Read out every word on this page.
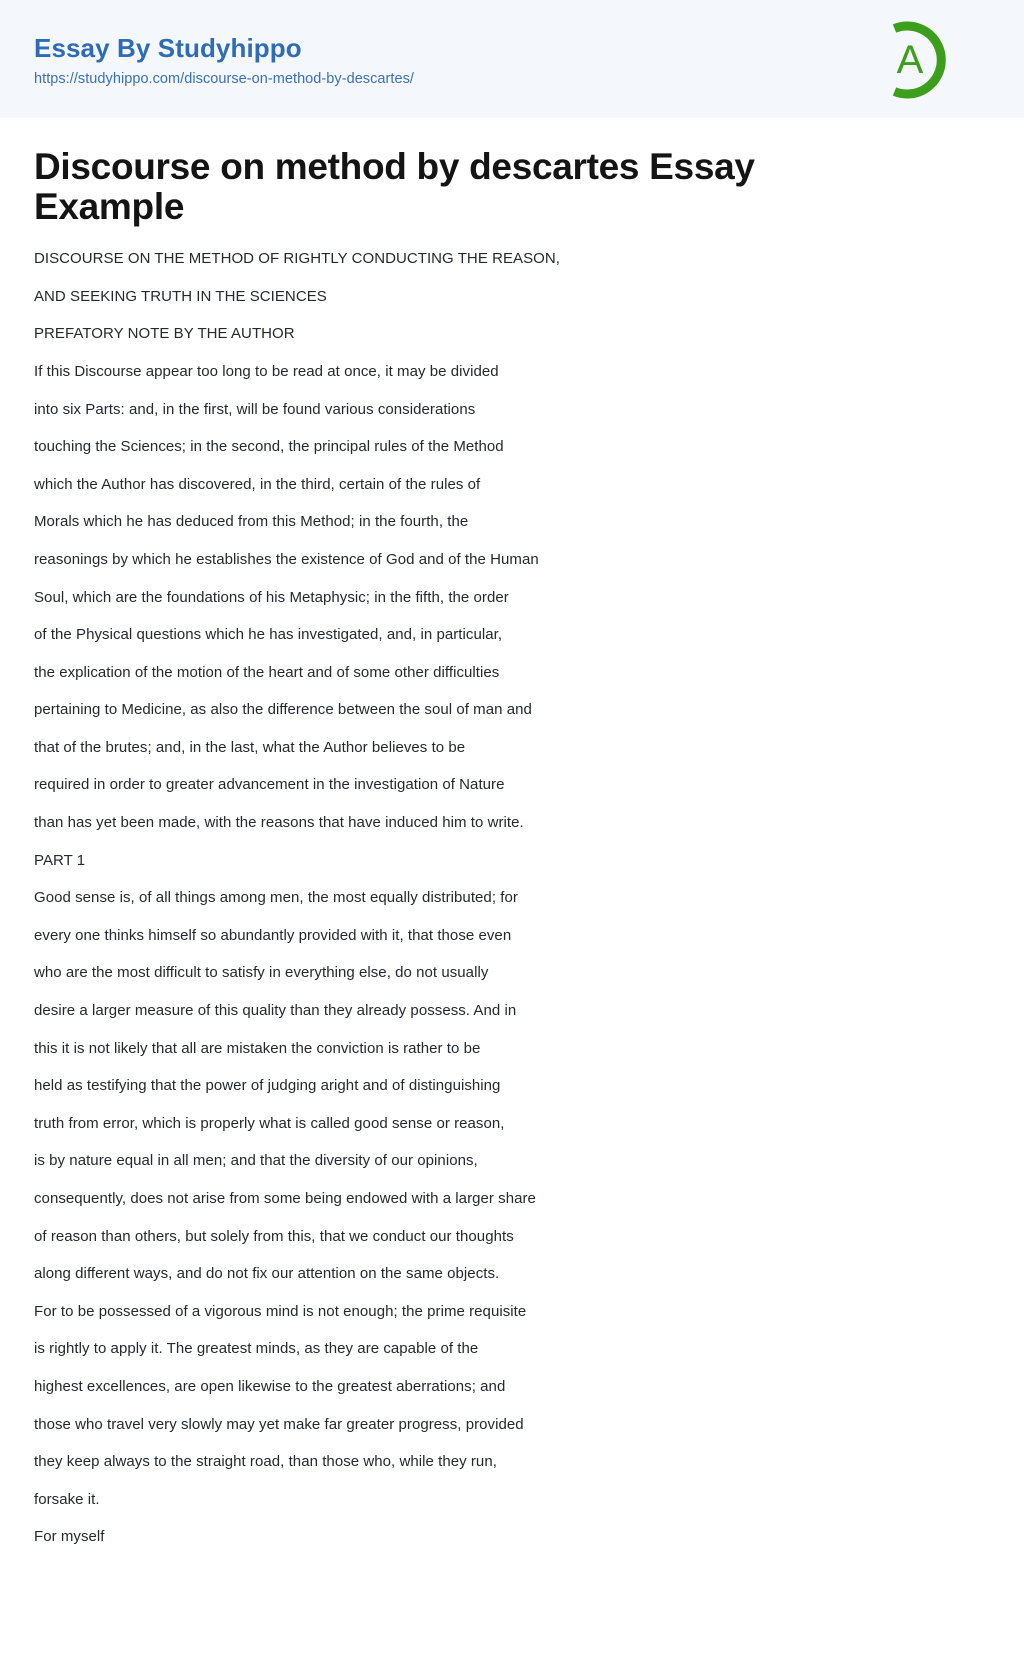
Essay By Studyhippo
https://studyhippo.com/discourse-on-method-by-descartes/	A
Discourse on method by descartes Essay Example

DISCOURSE ON THE METHOD OF RIGHTLY CONDUCTING THE REASON,

AND SEEKING TRUTH IN THE SCIENCES

PREFATORY NOTE BY THE AUTHOR

If this Discourse appear too long to be read at once, it may be divided
into six Parts: and, in the first, will be found various considerations
touching the Sciences; in the second, the principal rules of the Method
which the Author has discovered, in the third, certain of the rules of
Morals which he has deduced from this Method; in the fourth, the
reasonings by which he establishes the existence of God and of the Human
Soul, which are the foundations of his Metaphysic; in the fifth, the order
of the Physical questions which he has investigated, and, in particular,
the explication of the motion of the heart and of some other difficulties
pertaining to Medicine, as also the difference between the soul of man and
that of the brutes; and, in the last, what the Author believes to be
required in order to greater advancement in the investigation of Nature
than has yet been made, with the reasons that have induced him to write.

PART 1

Good sense is, of all things among men, the most equally distributed; for
every one thinks himself so abundantly provided with it, that those even
who are the most difficult to satisfy in everything else, do not usually
desire a larger measure of this quality than they already possess. And in
this it is not likely that all are mistaken the conviction is rather to be
held as testifying that the power of judging aright and of distinguishing
truth from error, which is properly what is called good sense or reason,
is by nature equal in all men; and that the diversity of our opinions,
consequently, does not arise from some being endowed with a larger share
of reason than others, but solely from this, that we conduct our thoughts
along different ways, and do not fix our attention on the same objects.

For to be possessed of a vigorous mind is not enough; the prime requisite
is rightly to apply it. The greatest minds, as they are capable of the
highest excellences, are open likewise to the greatest aberrations; and
those who travel very slowly may yet make far greater progress, provided
they keep always to the straight road, than those who, while they run,
forsake it.

For myself
